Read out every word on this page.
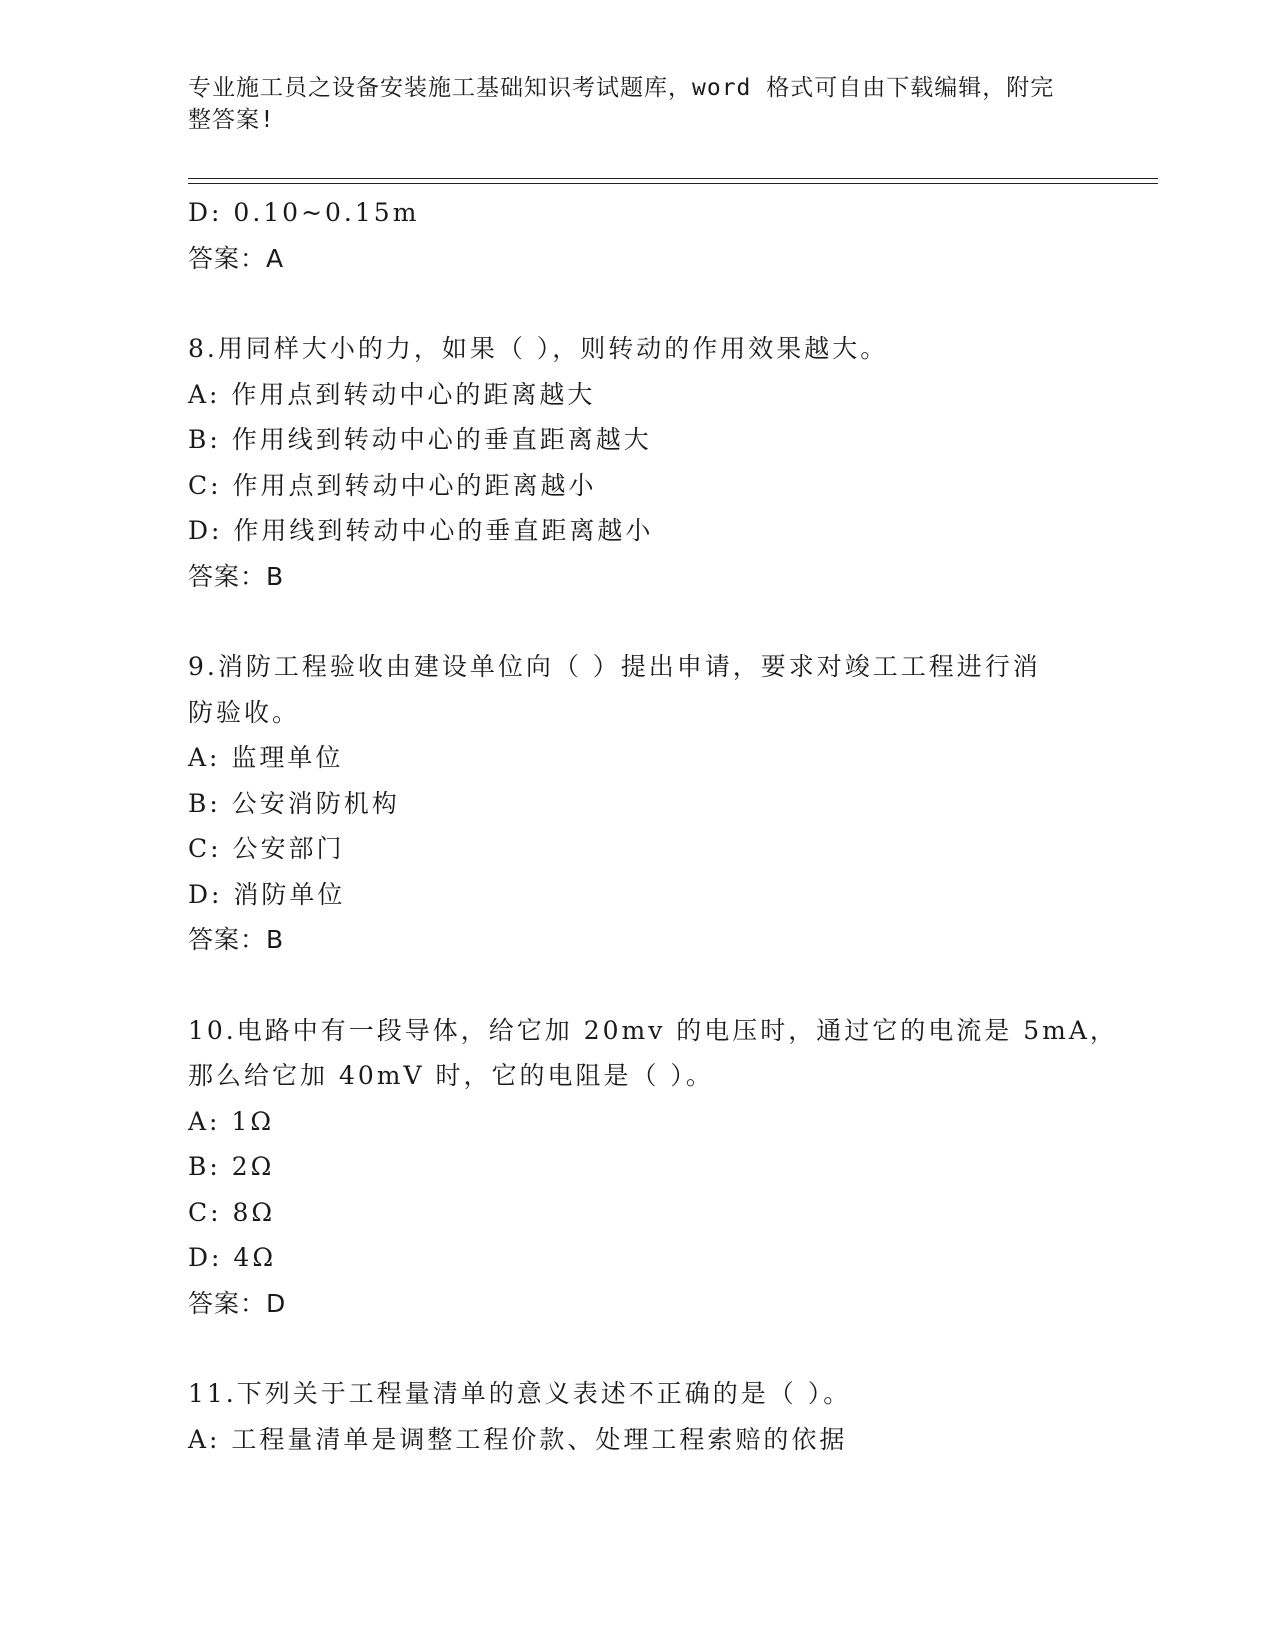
专业施工员之设备安装施工基础知识考试题库，word 格式可自由下载编辑，附完
整答案!
D: 0.10~0.15m
答案：A
8.用同样大小的力，如果（ ），则转动的作用效果越大。
A: 作用点到转动中心的距离越大
B: 作用线到转动中心的垂直距离越大
C: 作用点到转动中心的距离越小
D: 作用线到转动中心的垂直距离越小
答案：B
9.消防工程验收由建设单位向（ ）提出申请，要求对竣工工程进行消
防验收。
A: 监理单位
B: 公安消防机构
C: 公安部门
D: 消防单位
答案：B
10.电路中有一段导体，给它加 20mv 的电压时，通过它的电流是 5mA，
那么给它加 40mV 时，它的电阻是（ ）。
A: 1Ω
B: 2Ω
C: 8Ω
D: 4Ω
答案：D
11.下列关于工程量清单的意义表述不正确的是（ ）。
A: 工程量清单是调整工程价款、处理工程索赔的依据
